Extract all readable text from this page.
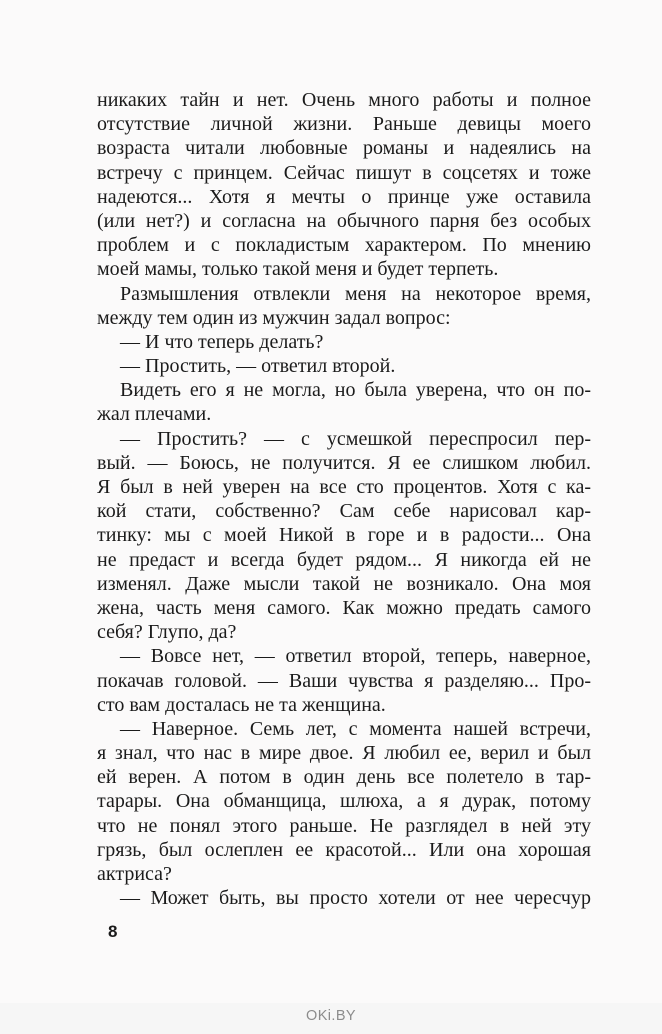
никаких тайн и нет. Очень много работы и полное
отсутствие личной жизни. Раньше девицы моего
возраста читали любовные романы и надеялись на
встречу с принцем. Сейчас пишут в соцсетях и тоже
надеются... Хотя я мечты о принце уже оставила
(или нет?) и согласна на обычного парня без особых
проблем и с покладистым характером. По мнению
моей мамы, только такой меня и будет терпеть.
Размышления отвлекли меня на некоторое время,
между тем один из мужчин задал вопрос:
— И что теперь делать?
— Простить, — ответил второй.
Видеть его я не могла, но была уверена, что он по-
жал плечами.
— Простить? — с усмешкой переспросил пер-
вый. — Боюсь, не получится. Я ее слишком любил.
Я был в ней уверен на все сто процентов. Хотя с ка-
кой стати, собственно? Сам себе нарисовал кар-
тинку: мы с моей Никой в горе и в радости... Она
не предаст и всегда будет рядом... Я никогда ей не
изменял. Даже мысли такой не возникало. Она моя
жена, часть меня самого. Как можно предать самого
себя? Глупо, да?
— Вовсе нет, — ответил второй, теперь, наверное,
покачав головой. — Ваши чувства я разделяю... Про-
сто вам досталась не та женщина.
— Наверное. Семь лет, с момента нашей встречи,
я знал, что нас в мире двое. Я любил ее, верил и был
ей верен. А потом в один день все полетело в тар-
тарары. Она обманщица, шлюха, а я дурак, потому
что не понял этого раньше. Не разглядел в ней эту
грязь, был ослеплен ее красотой... Или она хорошая
актриса?
— Может быть, вы просто хотели от нее чересчур
8
OKi.BY
